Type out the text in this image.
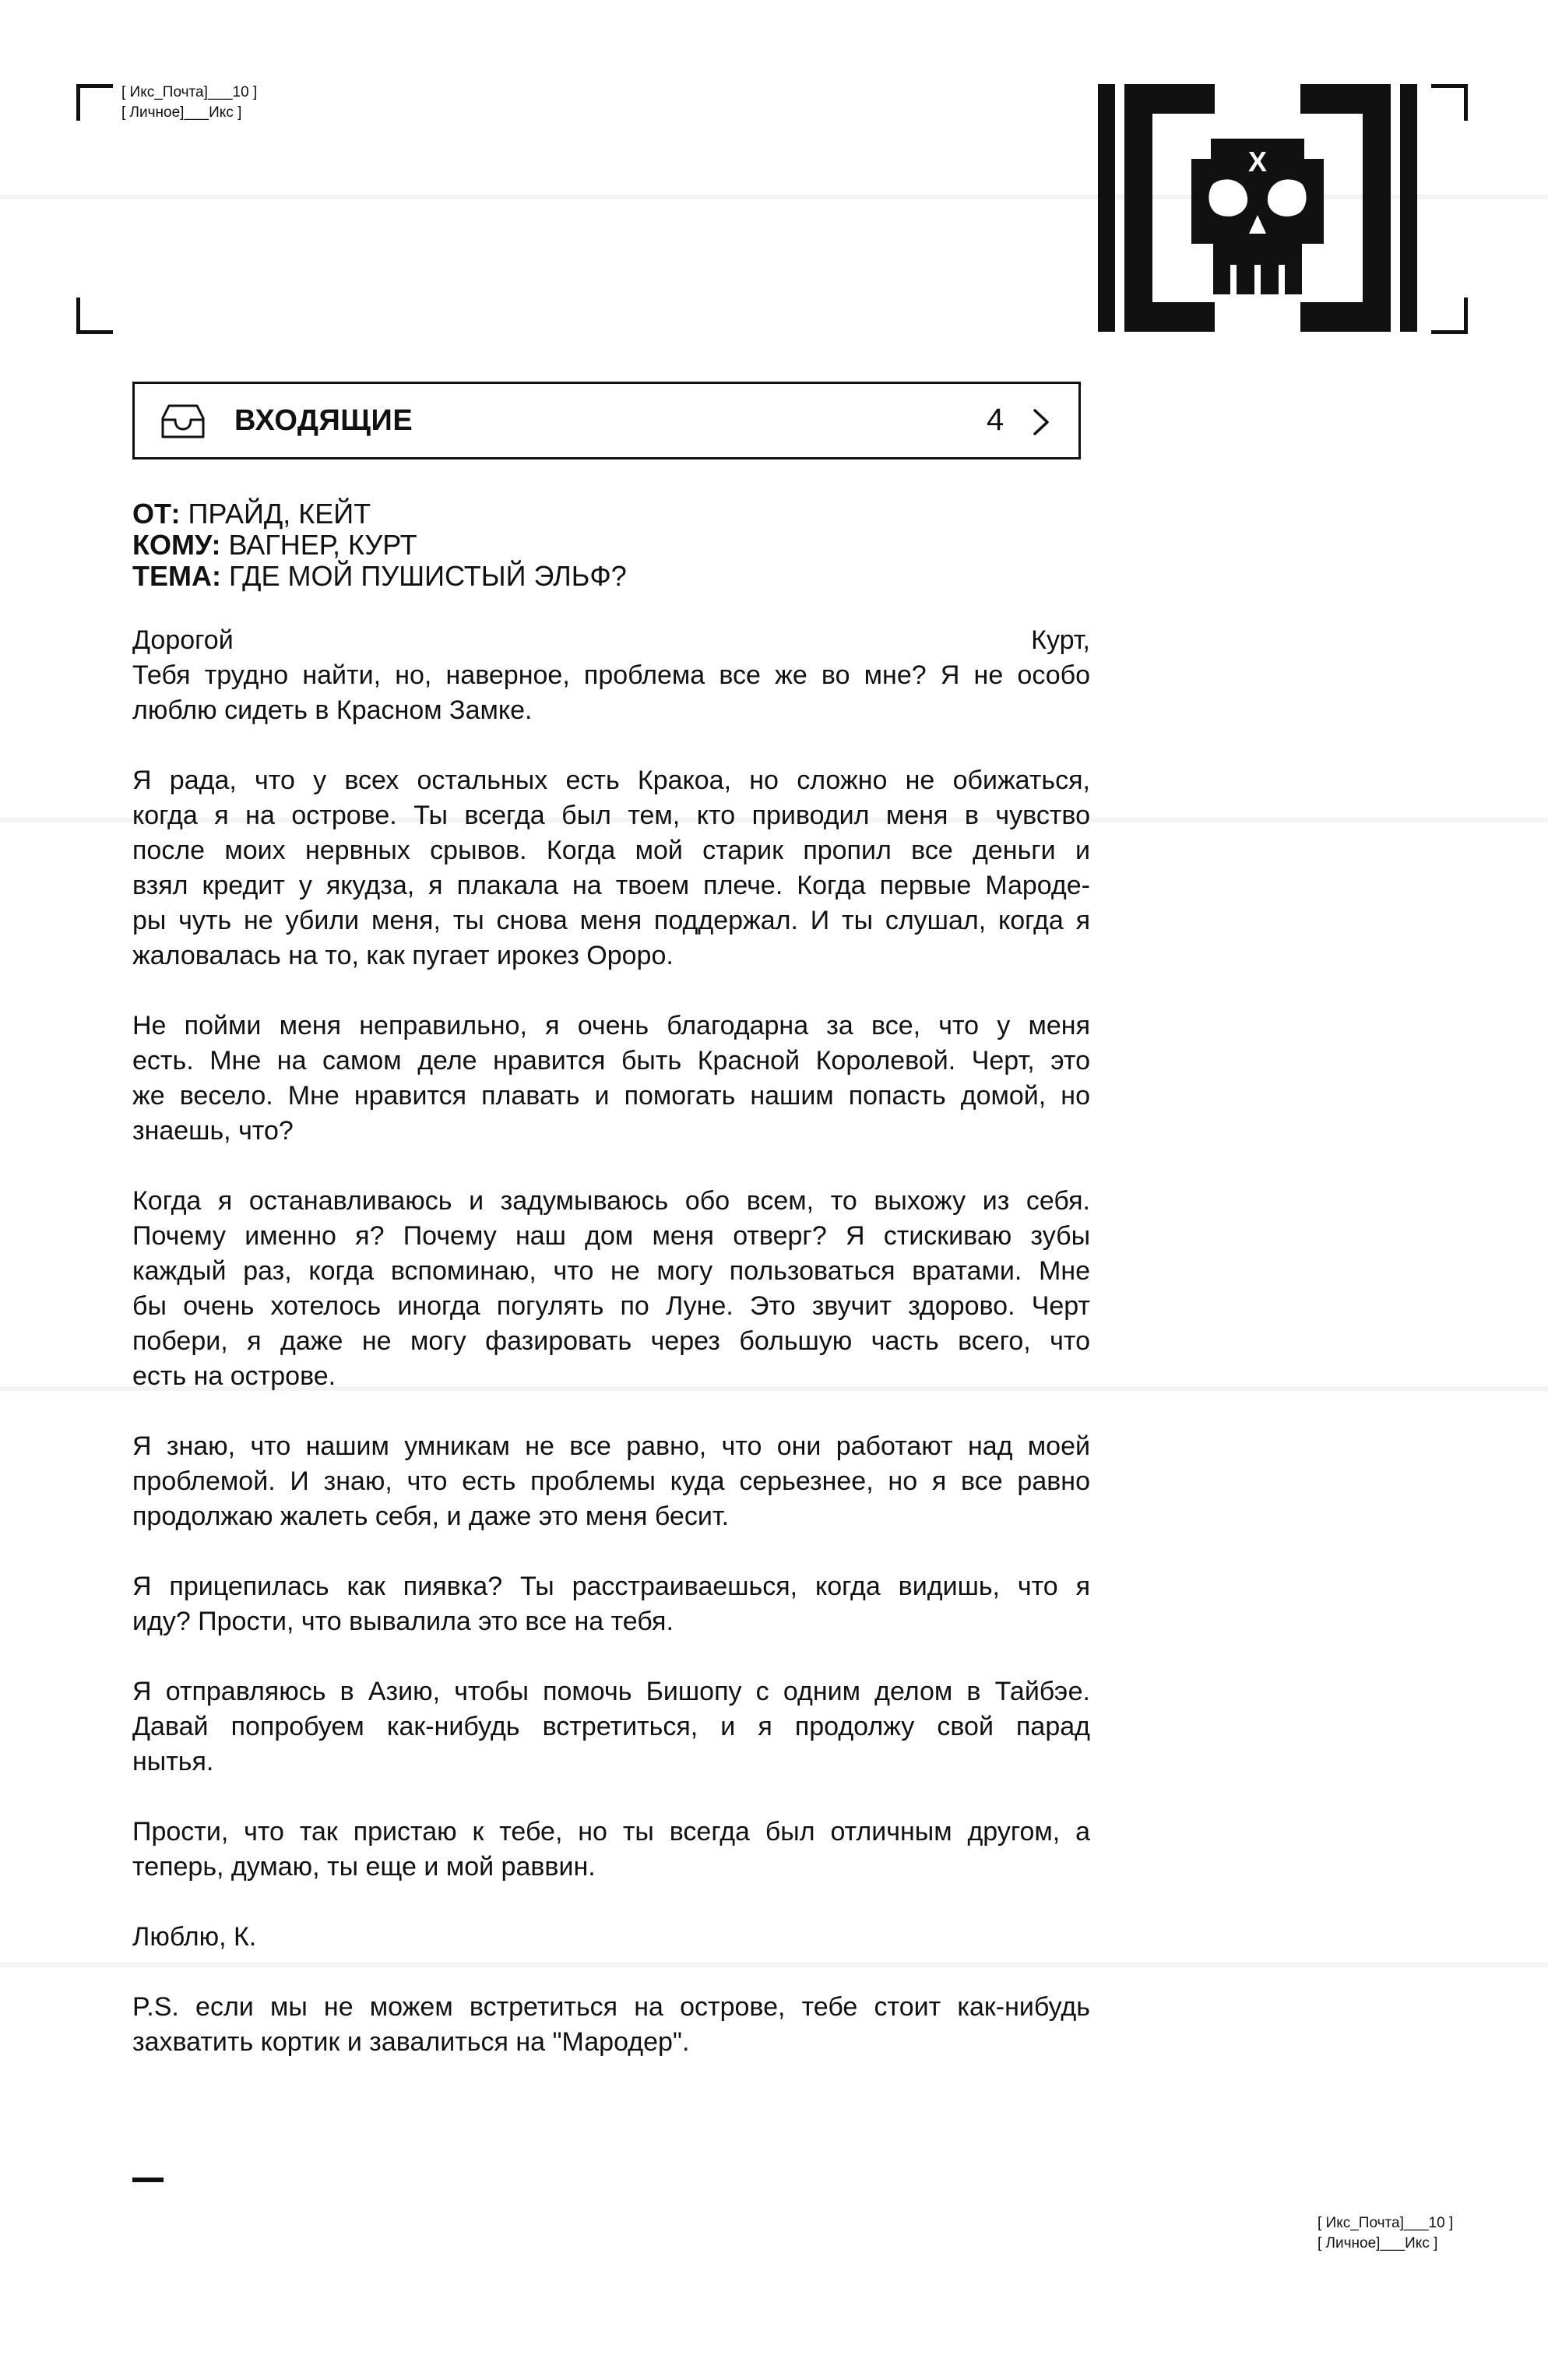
[ Икс_Почта]___10 ]
[ Личное]___Икс ]
X
ВХОДЯЩИЕ	4
ОТ: ПРАЙД, КЕЙТ
КОМУ: ВАГНЕР, КУРТ
ТЕМА: ГДЕ МОЙ ПУШИСТЫЙ ЭЛЬФ?
Дорогой Курт,
Тебя трудно найти, но, наверное, проблема все же во мне? Я не особо
люблю сидеть в Красном Замке.
Я рада, что у всех остальных есть Кракоа, но сложно не обижаться,
когда я на острове. Ты всегда был тем, кто приводил меня в чувство
после моих нервных срывов. Когда мой старик пропил все деньги и
взял кредит у якудза, я плакала на твоем плече. Когда первые Мароде-
ры чуть не убили меня, ты снова меня поддержал. И ты слушал, когда я
жаловалась на то, как пугает ирокез Ороро.
Не пойми меня неправильно, я очень благодарна за все, что у меня
есть. Мне на самом деле нравится быть Красной Королевой. Черт, это
же весело. Мне нравится плавать и помогать нашим попасть домой, но
знаешь, что?
Когда я останавливаюсь и задумываюсь обо всем, то выхожу из себя.
Почему именно я? Почему наш дом меня отверг? Я стискиваю зубы
каждый раз, когда вспоминаю, что не могу пользоваться вратами. Мне
бы очень хотелось иногда погулять по Луне. Это звучит здорово. Черт
побери, я даже не могу фазировать через большую часть всего, что
есть на острове.
Я знаю, что нашим умникам не все равно, что они работают над моей
проблемой. И знаю, что есть проблемы куда серьезнее, но я все равно
продолжаю жалеть себя, и даже это меня бесит.
Я прицепилась как пиявка? Ты расстраиваешься, когда видишь, что я
иду? Прости, что вывалила это все на тебя.
Я отправляюсь в Азию, чтобы помочь Бишопу с одним делом в Тайбэе.
Давай попробуем как-нибудь встретиться, и я продолжу свой парад
нытья.
Прости, что так пристаю к тебе, но ты всегда был отличным другом, а
теперь, думаю, ты еще и мой раввин.
Люблю, К.
P.S. если мы не можем встретиться на острове, тебе стоит как-нибудь
захватить кортик и завалиться на "Мародер".
[ Икс_Почта]___10 ]
[ Личное]___Икс ]
